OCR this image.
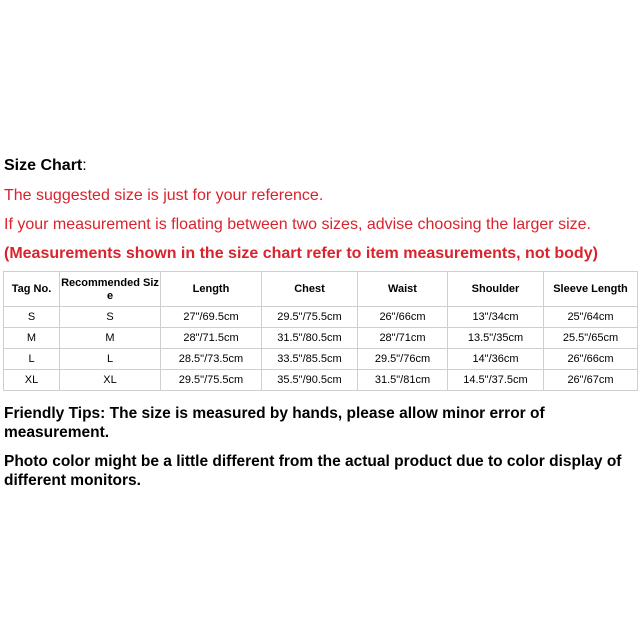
Size Chart:
The suggested size is just for your reference.
If your measurement is floating between two sizes, advise choosing the larger size.
(Measurements shown in the size chart refer to item measurements, not body)
Tag No.	Recommended Size	Length	Chest	Waist	Shoulder	Sleeve Length
S	S	27"/69.5cm	29.5"/75.5cm	26"/66cm	13"/34cm	25"/64cm
M	M	28"/71.5cm	31.5"/80.5cm	28"/71cm	13.5"/35cm	25.5"/65cm
L	L	28.5"/73.5cm	33.5"/85.5cm	29.5"/76cm	14"/36cm	26"/66cm
XL	XL	29.5"/75.5cm	35.5"/90.5cm	31.5"/81cm	14.5"/37.5cm	26"/67cm
Friendly Tips: The size is measured by hands, please allow minor error of measurement.
Photo color might be a little different from the actual product due to color display of different monitors.
